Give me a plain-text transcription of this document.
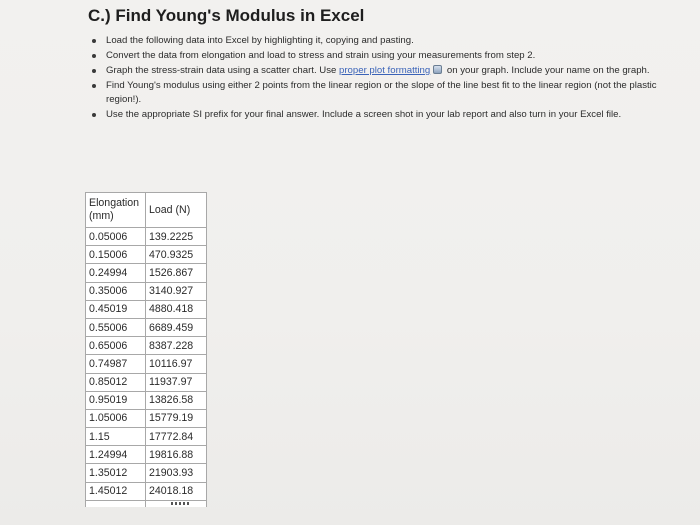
C.) Find Young's Modulus in Excel
Load the following data into Excel by highlighting it, copying and pasting.
Convert the data from elongation and load to stress and strain using your measurements from step 2.
Graph the stress-strain data using a scatter chart. Use proper plot formatting on your graph. Include your name on the graph.
Find Young's modulus using either 2 points from the linear region or the slope of the line best fit to the linear region (not the plastic region!).
Use the appropriate SI prefix for your final answer. Include a screen shot in your lab report and also turn in your Excel file.
Elongation (mm)	Load (N)
0.05006	139.2225
0.15006	470.9325
0.24994	1526.867
0.35006	3140.927
0.45019	4880.418
0.55006	6689.459
0.65006	8387.228
0.74987	10116.97
0.85012	11937.97
0.95019	13826.58
1.05006	15779.19
1.15	17772.84
1.24994	19816.88
1.35012	21903.93
1.45012	24018.18
